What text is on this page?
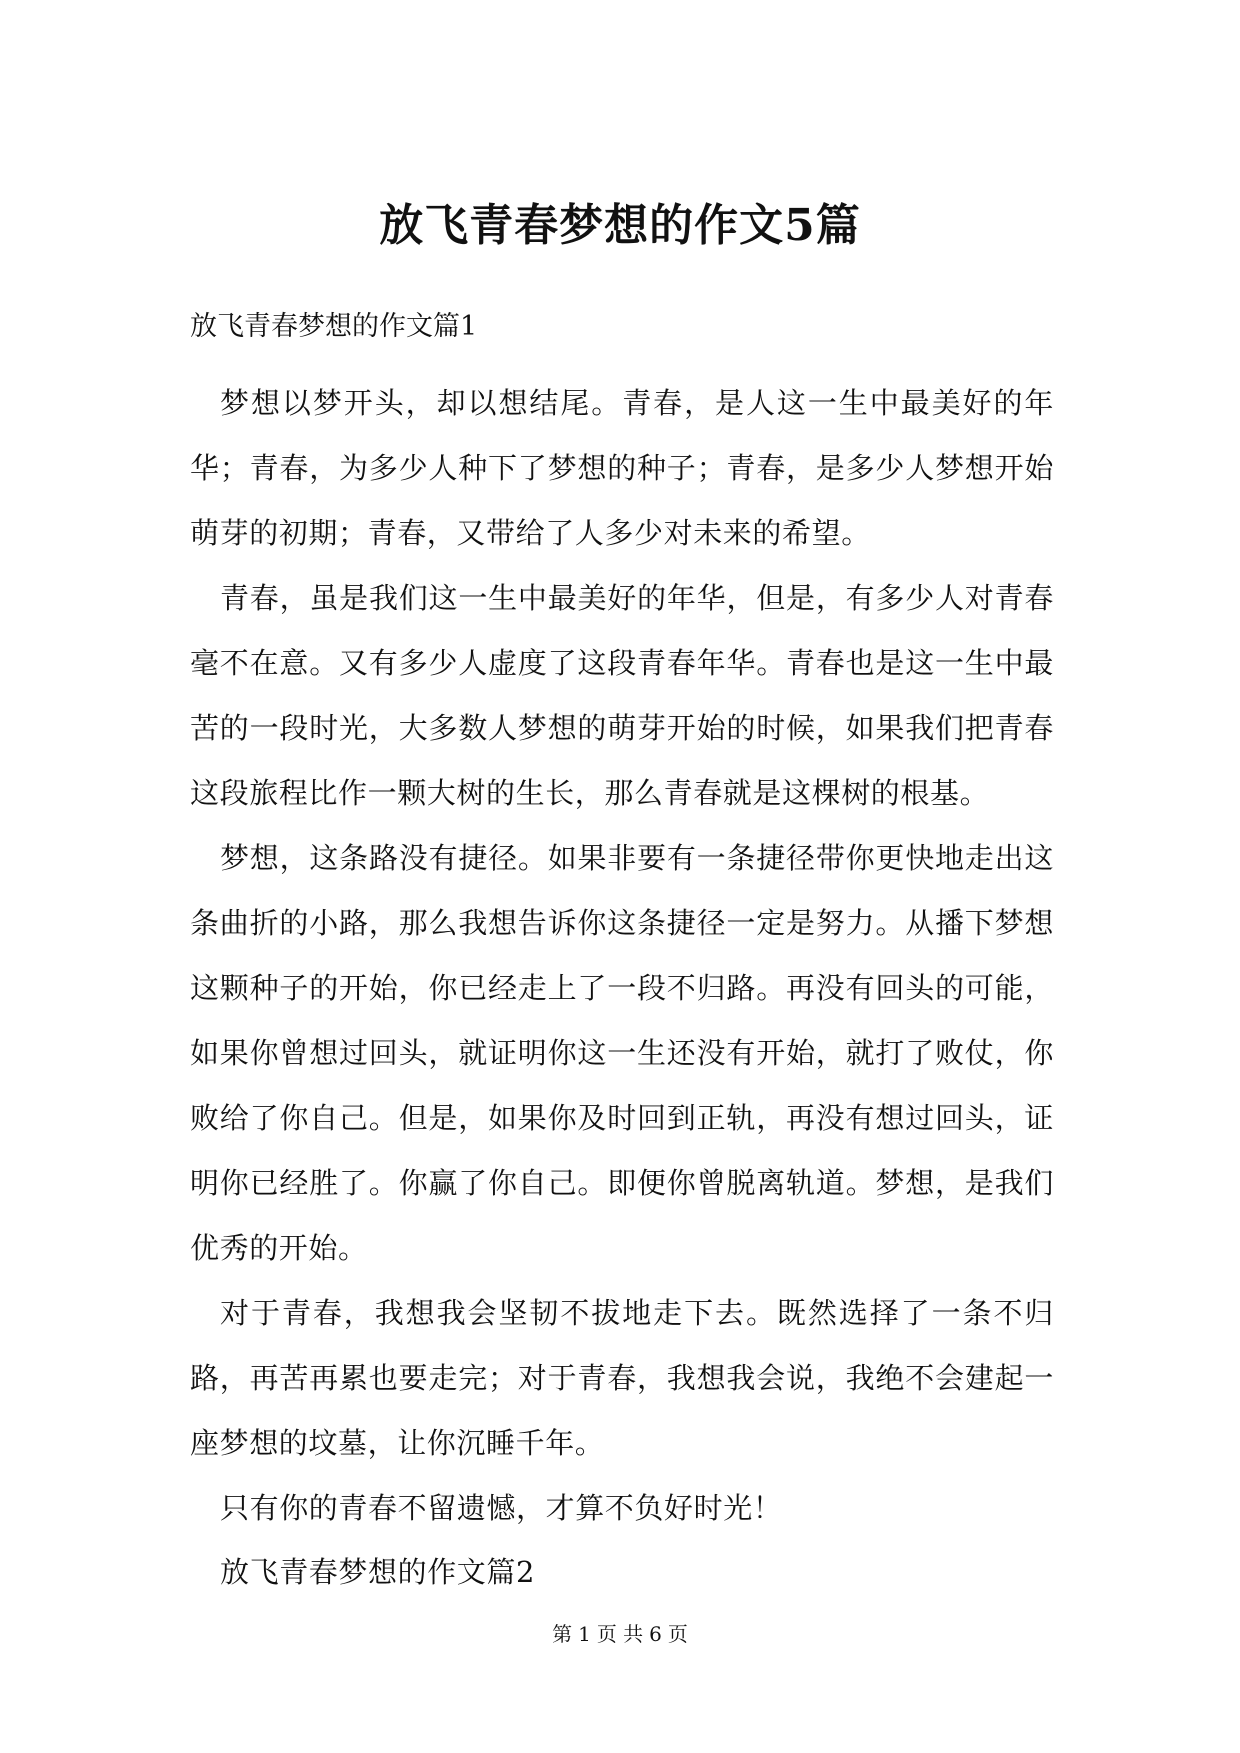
放飞青春梦想的作文5篇

放飞青春梦想的作文篇1

梦想以梦开头，却以想结尾。青春，是人这一生中最美好的年华；青春，为多少人种下了梦想的种子；青春，是多少人梦想开始萌芽的初期；青春，又带给了人多少对未来的希望。

青春，虽是我们这一生中最美好的年华，但是，有多少人对青春毫不在意。又有多少人虚度了这段青春年华。青春也是这一生中最苦的一段时光，大多数人梦想的萌芽开始的时候，如果我们把青春这段旅程比作一颗大树的生长，那么青春就是这棵树的根基。

梦想，这条路没有捷径。如果非要有一条捷径带你更快地走出这条曲折的小路，那么我想告诉你这条捷径一定是努力。从播下梦想这颗种子的开始，你已经走上了一段不归路。再没有回头的可能，如果你曾想过回头，就证明你这一生还没有开始，就打了败仗，你败给了你自己。但是，如果你及时回到正轨，再没有想过回头，证明你已经胜了。你赢了你自己。即便你曾脱离轨道。梦想，是我们优秀的开始。

对于青春，我想我会坚韧不拔地走下去。既然选择了一条不归路，再苦再累也要走完；对于青春，我想我会说，我绝不会建起一座梦想的坟墓，让你沉睡千年。

只有你的青春不留遗憾，才算不负好时光！

放飞青春梦想的作文篇2

第 1 页 共 6 页
